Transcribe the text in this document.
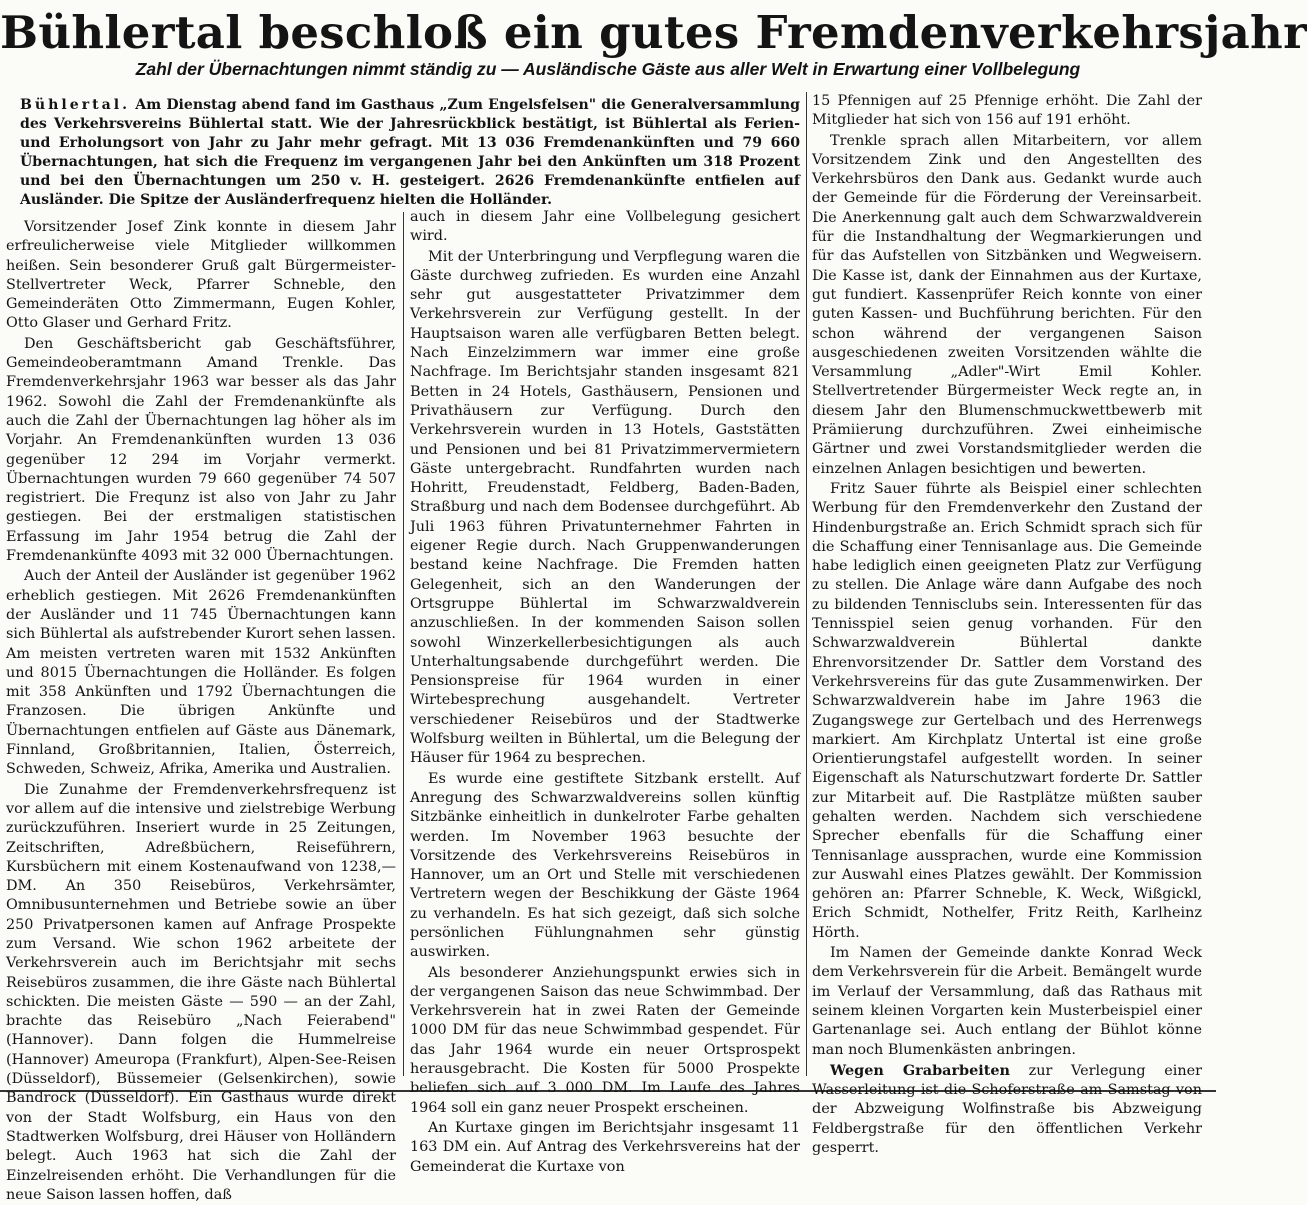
Bühlertal beschloß ein gutes Fremdenverkehrsjahr
Zahl der Übernachtungen nimmt ständig zu — Ausländische Gäste aus aller Welt in Erwartung einer Vollbelegung

Bühlertal. Am Dienstag abend fand im Gasthaus „Zum Engelsfelsen" die Generalversammlung des Verkehrsvereins Bühlertal statt. Wie der Jahresrückblick bestätigt, ist Bühlertal als Ferien- und Erholungsort von Jahr zu Jahr mehr gefragt. Mit 13 036 Fremdenankünften und 79 660 Übernachtungen, hat sich die Frequenz im vergangenen Jahr bei den Ankünften um 318 Prozent und bei den Übernachtungen um 250 v. H. gesteigert. 2626 Fremdenankünfte entfielen auf Ausländer. Die Spitze der Ausländerfrequenz hielten die Holländer.

Vorsitzender Josef Zink konnte in diesem Jahr erfreulicherweise viele Mitglieder willkommen heißen. Sein besonderer Gruß galt Bürgermeister-Stellvertreter Weck, Pfarrer Schneble, den Gemeinderäten Otto Zimmermann, Eugen Kohler, Otto Glaser und Gerhard Fritz.

Den Geschäftsbericht gab Geschäftsführer, Gemeindeoberamtmann Amand Trenkle. Das Fremdenverkehrsjahr 1963 war besser als das Jahr 1962. Sowohl die Zahl der Fremdenankünfte als auch die Zahl der Übernachtungen lag höher als im Vorjahr. An Fremdenankünften wurden 13 036 gegenüber 12 294 im Vorjahr vermerkt. Übernachtungen wurden 79 660 gegenüber 74 507 registriert. Die Frequnz ist also von Jahr zu Jahr gestiegen. Bei der erstmaligen statistischen Erfassung im Jahr 1954 betrug die Zahl der Fremdenankünfte 4093 mit 32 000 Übernachtungen.

Auch der Anteil der Ausländer ist gegenüber 1962 erheblich gestiegen. Mit 2626 Fremdenankünften der Ausländer und 11 745 Übernachtungen kann sich Bühlertal als aufstrebender Kurort sehen lassen. Am meisten vertreten waren mit 1532 Ankünften und 8015 Übernachtungen die Holländer. Es folgen mit 358 Ankünften und 1792 Übernachtungen die Franzosen. Die übrigen Ankünfte und Übernachtungen entfielen auf Gäste aus Dänemark, Finnland, Großbritannien, Italien, Österreich, Schweden, Schweiz, Afrika, Amerika und Australien.

Die Zunahme der Fremdenverkehrsfrequenz ist vor allem auf die intensive und zielstrebige Werbung zurückzuführen. Inseriert wurde in 25 Zeitungen, Zeitschriften, Adreßbüchern, Reiseführern, Kursbüchern mit einem Kostenaufwand von 1238,— DM. An 350 Reisebüros, Verkehrsämter, Omnibusunternehmen und Betriebe sowie an über 250 Privatpersonen kamen auf Anfrage Prospekte zum Versand. Wie schon 1962 arbeitete der Verkehrsverein auch im Berichtsjahr mit sechs Reisebüros zusammen, die ihre Gäste nach Bühlertal schickten. Die meisten Gäste — 590 — an der Zahl, brachte das Reisebüro „Nach Feierabend" (Hannover). Dann folgen die Hummelreise (Hannover) Ameuropa (Frankfurt), Alpen-See-Reisen (Düsseldorf), Büssemeier (Gelsenkirchen), sowie Bandrock (Düsseldorf). Ein Gasthaus wurde direkt von der Stadt Wolfsburg, ein Haus von den Stadtwerken Wolfsburg, drei Häuser von Holländern belegt. Auch 1963 hat sich die Zahl der Einzelreisenden erhöht. Die Verhandlungen für die neue Saison lassen hoffen, daß

auch in diesem Jahr eine Vollbelegung gesichert wird.

Mit der Unterbringung und Verpflegung waren die Gäste durchweg zufrieden. Es wurden eine Anzahl sehr gut ausgestatteter Privatzimmer dem Verkehrsverein zur Verfügung gestellt. In der Hauptsaison waren alle verfügbaren Betten belegt. Nach Einzelzimmern war immer eine große Nachfrage. Im Berichtsjahr standen insgesamt 821 Betten in 24 Hotels, Gasthäusern, Pensionen und Privathäusern zur Verfügung. Durch den Verkehrsverein wurden in 13 Hotels, Gaststätten und Pensionen und bei 81 Privatzimmervermietern Gäste untergebracht. Rundfahrten wurden nach Hohritt, Freudenstadt, Feldberg, Baden-Baden, Straßburg und nach dem Bodensee durchgeführt. Ab Juli 1963 führen Privatunternehmer Fahrten in eigener Regie durch. Nach Gruppenwanderungen bestand keine Nachfrage. Die Fremden hatten Gelegenheit, sich an den Wanderungen der Ortsgruppe Bühlertal im Schwarzwaldverein anzuschließen. In der kommenden Saison sollen sowohl Winzerkellerbesichtigungen als auch Unterhaltungsabende durchgeführt werden. Die Pensionspreise für 1964 wurden in einer Wirtebesprechung ausgehandelt. Vertreter verschiedener Reisebüros und der Stadtwerke Wolfsburg weilten in Bühlertal, um die Belegung der Häuser für 1964 zu besprechen.

Es wurde eine gestiftete Sitzbank erstellt. Auf Anregung des Schwarzwaldvereins sollen künftig Sitzbänke einheitlich in dunkelroter Farbe gehalten werden. Im November 1963 besuchte der Vorsitzende des Verkehrsvereins Reisebüros in Hannover, um an Ort und Stelle mit verschiedenen Vertretern wegen der Beschikkung der Gäste 1964 zu verhandeln. Es hat sich gezeigt, daß sich solche persönlichen Fühlungnahmen sehr günstig auswirken.

Als besonderer Anziehungspunkt erwies sich in der vergangenen Saison das neue Schwimmbad. Der Verkehrsverein hat in zwei Raten der Gemeinde 1000 DM für das neue Schwimmbad gespendet. Für das Jahr 1964 wurde ein neuer Ortsprospekt herausgebracht. Die Kosten für 5000 Prospekte beliefen sich auf 3 000 DM. Im Laufe des Jahres 1964 soll ein ganz neuer Prospekt erscheinen.

An Kurtaxe gingen im Berichtsjahr insgesamt 11 163 DM ein. Auf Antrag des Verkehrsvereins hat der Gemeinderat die Kurtaxe von

15 Pfennigen auf 25 Pfennige erhöht. Die Zahl der Mitglieder hat sich von 156 auf 191 erhöht.

Trenkle sprach allen Mitarbeitern, vor allem Vorsitzendem Zink und den Angestellten des Verkehrsbüros den Dank aus. Gedankt wurde auch der Gemeinde für die Förderung der Vereinsarbeit. Die Anerkennung galt auch dem Schwarzwaldverein für die Instandhaltung der Wegmarkierungen und für das Aufstellen von Sitzbänken und Wegweisern. Die Kasse ist, dank der Einnahmen aus der Kurtaxe, gut fundiert. Kassenprüfer Reich konnte von einer guten Kassen- und Buchführung berichten. Für den schon während der vergangenen Saison ausgeschiedenen zweiten Vorsitzenden wählte die Versammlung „Adler"-Wirt Emil Kohler. Stellvertretender Bürgermeister Weck regte an, in diesem Jahr den Blumenschmuckwettbewerb mit Prämiierung durchzuführen. Zwei einheimische Gärtner und zwei Vorstandsmitglieder werden die einzelnen Anlagen besichtigen und bewerten.

Fritz Sauer führte als Beispiel einer schlechten Werbung für den Fremdenverkehr den Zustand der Hindenburgstraße an. Erich Schmidt sprach sich für die Schaffung einer Tennisanlage aus. Die Gemeinde habe lediglich einen geeigneten Platz zur Verfügung zu stellen. Die Anlage wäre dann Aufgabe des noch zu bildenden Tennisclubs sein. Interessenten für das Tennisspiel seien genug vorhanden. Für den Schwarzwaldverein Bühlertal dankte Ehrenvorsitzender Dr. Sattler dem Vorstand des Verkehrsvereins für das gute Zusammenwirken. Der Schwarzwaldverein habe im Jahre 1963 die Zugangswege zur Gertelbach und des Herrenwegs markiert. Am Kirchplatz Untertal ist eine große Orientierungstafel aufgestellt worden. In seiner Eigenschaft als Naturschutzwart forderte Dr. Sattler zur Mitarbeit auf. Die Rastplätze müßten sauber gehalten werden. Nachdem sich verschiedene Sprecher ebenfalls für die Schaffung einer Tennisanlage aussprachen, wurde eine Kommission zur Auswahl eines Platzes gewählt. Der Kommission gehören an: Pfarrer Schneble, K. Weck, Wißgickl, Erich Schmidt, Nothelfer, Fritz Reith, Karlheinz Hörth.

Im Namen der Gemeinde dankte Konrad Weck dem Verkehrsverein für die Arbeit. Bemängelt wurde im Verlauf der Versammlung, daß das Rathaus mit seinem kleinen Vorgarten kein Musterbeispiel einer Gartenanlage sei. Auch entlang der Bühlot könne man noch Blumenkästen anbringen.

Wegen Grabarbeiten zur Verlegung einer Wasserleitung ist die Schoferstraße am Samstag von der Abzweigung Wolfinstraße bis Abzweigung Feldbergstraße für den öffentlichen Verkehr gesperrt.
